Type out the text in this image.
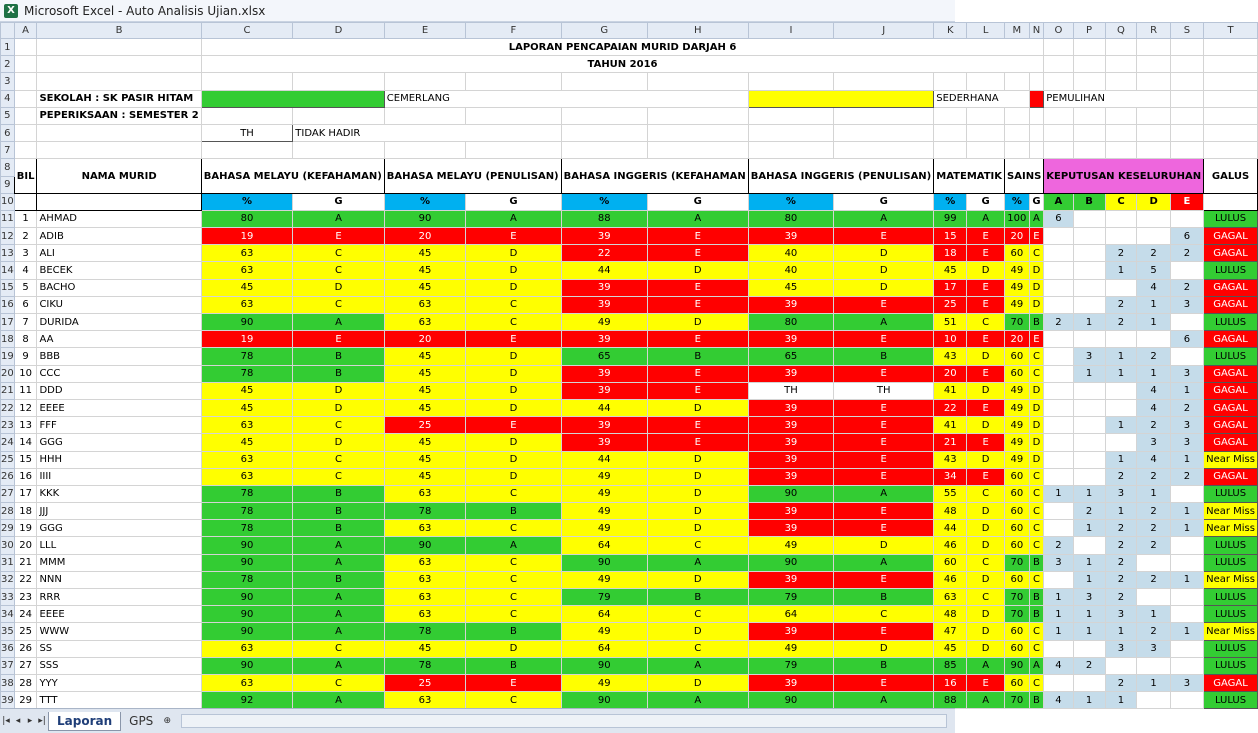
X Microsoft Excel - Auto Analisis Ujian.xlsx
	A	B	C	D	E	F	G	H	I	J	K	L	M	N	O	P	Q	R	S	T
1			LAPORAN PENCAPAIAN MURID DARJAH 6																	
2			TAHUN 2016																	
3																				
4		SEKOLAH : SK PASIR HITAM			CEMERLANG						SEDERHANA				PEMULIHAN					
5		PEPERIKSAAN : SEMESTER 2																		
6			TH	TIDAK HADIR																
7																				
8	BIL	NAMA MURID	BAHASA MELAYU (KEFAHAMAN)		BAHASA MELAYU (PENULISAN)		BAHASA INGGERIS (KEFAHAMAN		BAHASA INGGERIS (PENULISAN)		MATEMATIK		SAINS		KEPUTUSAN KESELURUHAN					GALUS
9																				
10			%	G	%	G	%	G	%	G	%	G	%	G	A	B	C	D	E	
11	1	AHMAD	80	A	90	A	88	A	80	A	99	A	100	A	6					LULUS
12	2	ADIB	19	E	20	E	39	E	39	E	15	E	20	E					6	GAGAL
13	3	ALI	63	C	45	D	22	E	40	D	18	E	60	C			2	2	2	GAGAL
14	4	BECEK	63	C	45	D	44	D	40	D	45	D	49	D			1	5		LULUS
15	5	BACHO	45	D	45	D	39	E	45	D	17	E	49	D				4	2	GAGAL
16	6	CIKU	63	C	63	C	39	E	39	E	25	E	49	D			2	1	3	GAGAL
17	7	DURIDA	90	A	63	C	49	D	80	A	51	C	70	B	2	1	2	1		LULUS
18	8	AA	19	E	20	E	39	E	39	E	10	E	20	E					6	GAGAL
19	9	BBB	78	B	45	D	65	B	65	B	43	D	60	C		3	1	2		LULUS
20	10	CCC	78	B	45	D	39	E	39	E	20	E	60	C		1	1	1	3	GAGAL
21	11	DDD	45	D	45	D	39	E	TH	TH	41	D	49	D				4	1	GAGAL
22	12	EEEE	45	D	45	D	44	D	39	E	22	E	49	D				4	2	GAGAL
23	13	FFF	63	C	25	E	39	E	39	E	41	D	49	D			1	2	3	GAGAL
24	14	GGG	45	D	45	D	39	E	39	E	21	E	49	D				3	3	GAGAL
25	15	HHH	63	C	45	D	44	D	39	E	43	D	49	D			1	4	1	Near Miss
26	16	IIII	63	C	45	D	49	D	39	E	34	E	60	C			2	2	2	GAGAL
27	17	KKK	78	B	63	C	49	D	90	A	55	C	60	C	1	1	3	1		LULUS
28	18	JJJ	78	B	78	B	49	D	39	E	48	D	60	C		2	1	2	1	Near Miss
29	19	GGG	78	B	63	C	49	D	39	E	44	D	60	C		1	2	2	1	Near Miss
30	20	LLL	90	A	90	A	64	C	49	D	46	D	60	C	2		2	2		LULUS
31	21	MMM	90	A	63	C	90	A	90	A	60	C	70	B	3	1	2			LULUS
32	22	NNN	78	B	63	C	49	D	39	E	46	D	60	C		1	2	2	1	Near Miss
33	23	RRR	90	A	63	C	79	B	79	B	63	C	70	B	1	3	2			LULUS
34	24	EEEE	90	A	63	C	64	C	64	C	48	D	70	B	1	1	3	1		LULUS
35	25	WWW	90	A	78	B	49	D	39	E	47	D	60	C	1	1	1	2	1	Near Miss
36	26	SS	63	C	45	D	64	C	49	D	45	D	60	C			3	3		LULUS
37	27	SSS	90	A	78	B	90	A	79	B	85	A	90	A	4	2				LULUS
38	28	YYY	63	C	25	E	49	D	39	E	16	E	60	C			2	1	3	GAGAL
39	29	TTT	92	A	63	C	90	A	90	A	88	A	70	B	4	1	1			LULUS
|◂ ◂ ▸ ▸| Laporan	GPS	⊕
